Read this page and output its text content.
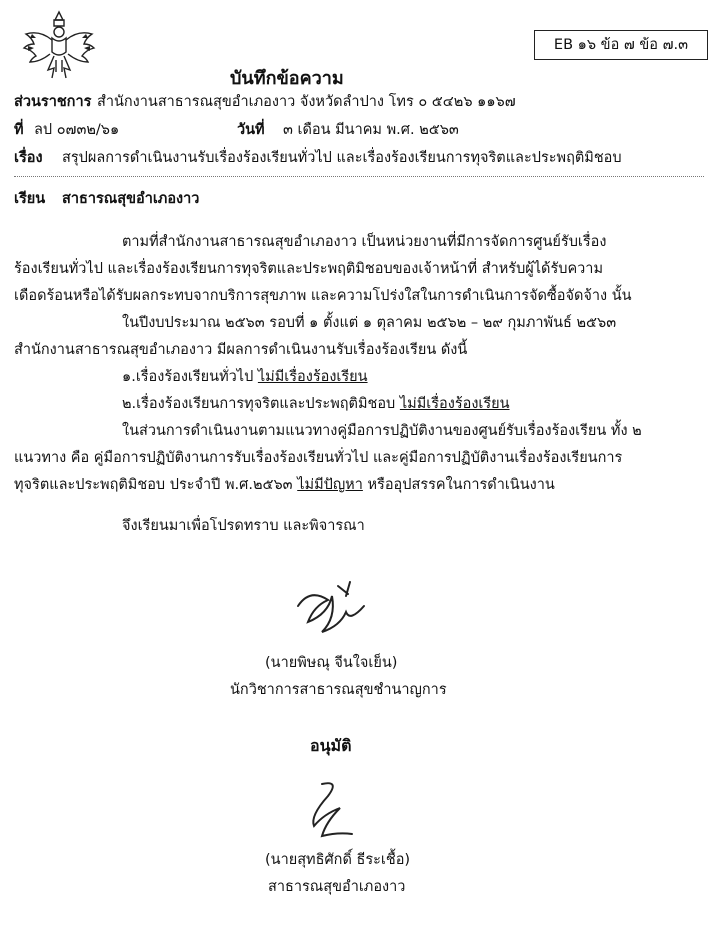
EB ๑๖ ข้อ ๗ ข้อ ๗.๓
บันทึกข้อความ
ส่วนราชการ สำนักงานสาธารณสุขอำเภองาว จังหวัดลำปาง โทร ๐ ๕๔๒๖ ๑๑๖๗
ที่ ลป ๐๗๓๒/๖๑	วันที่ ๓ เดือน มีนาคม พ.ศ. ๒๕๖๓
เรื่อง สรุปผลการดำเนินงานรับเรื่องร้องเรียนทั่วไป และเรื่องร้องเรียนการทุจริตและประพฤติมิชอบ
เรียน สาธารณสุขอำเภองาว
ตามที่สำนักงานสาธารณสุขอำเภองาว เป็นหน่วยงานที่มีการจัดการศูนย์รับเรื่อง
ร้องเรียนทั่วไป และเรื่องร้องเรียนการทุจริตและประพฤติมิชอบของเจ้าหน้าที่ สำหรับผู้ได้รับความ
เดือดร้อนหรือได้รับผลกระทบจากบริการสุขภาพ และความโปร่งใสในการดำเนินการจัดซื้อจัดจ้าง นั้น
ในปีงบประมาณ ๒๕๖๓ รอบที่ ๑ ตั้งแต่ ๑ ตุลาคม ๒๕๖๒ – ๒๙ กุมภาพันธ์ ๒๕๖๓
สำนักงานสาธารณสุขอำเภองาว มีผลการดำเนินงานรับเรื่องร้องเรียน ดังนี้
๑.เรื่องร้องเรียนทั่วไป ไม่มีเรื่องร้องเรียน
๒.เรื่องร้องเรียนการทุจริตและประพฤติมิชอบ ไม่มีเรื่องร้องเรียน
ในส่วนการดำเนินงานตามแนวทางคู่มือการปฏิบัติงานของศูนย์รับเรื่องร้องเรียน ทั้ง ๒
แนวทาง คือ คู่มือการปฏิบัติงานการรับเรื่องร้องเรียนทั่วไป และคู่มือการปฏิบัติงานเรื่องร้องเรียนการ
ทุจริตและประพฤติมิชอบ ประจำปี พ.ศ.๒๕๖๓ ไม่มีปัญหา หรืออุปสรรคในการดำเนินงาน
จึงเรียนมาเพื่อโปรดทราบ และพิจารณา
(นายพิษณุ จีนใจเย็น)
นักวิชาการสาธารณสุขชำนาญการ
อนุมัติ
(นายสุทธิศักดิ์ ธีระเชื้อ)
สาธารณสุขอำเภองาว
